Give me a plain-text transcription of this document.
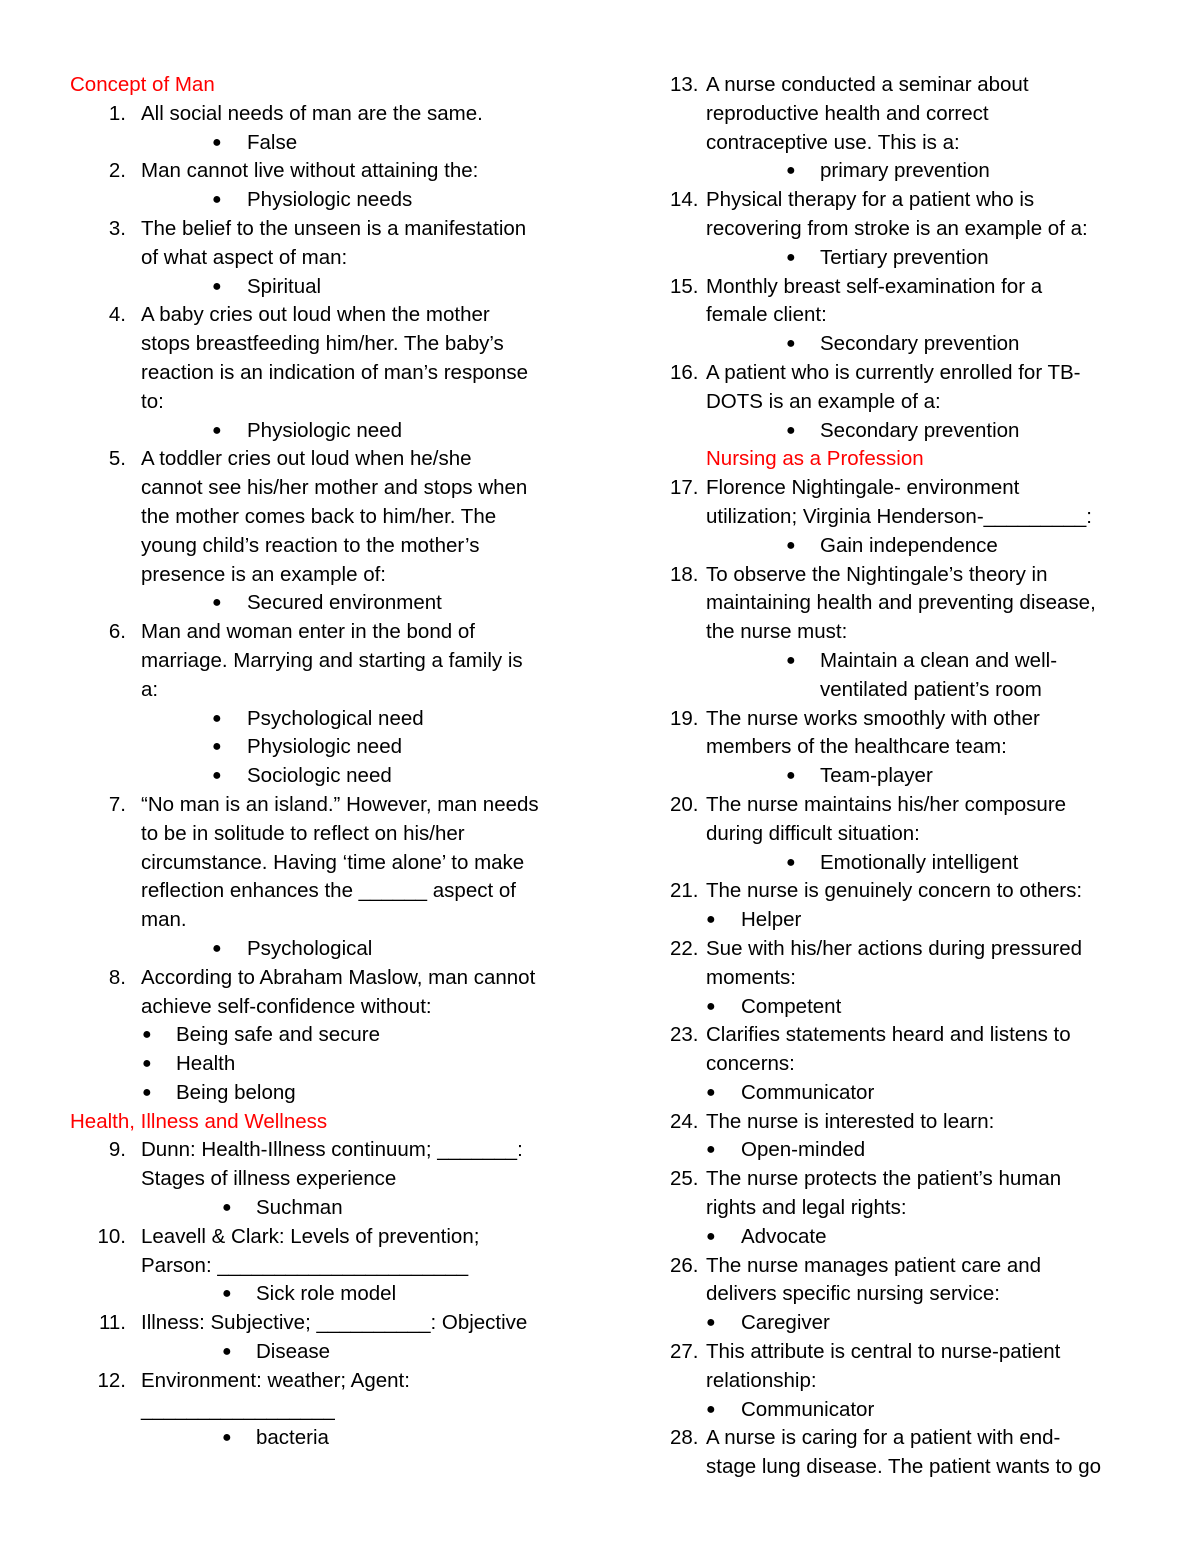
Concept of Man
1. All social needs of man are the same.
● False
2. Man cannot live without attaining the:
● Physiologic needs
3. The belief to the unseen is a manifestation
of what aspect of man:
● Spiritual
4. A baby cries out loud when the mother
stops breastfeeding him/her. The baby’s
reaction is an indication of man’s response
to:
● Physiologic need
5. A toddler cries out loud when he/she
cannot see his/her mother and stops when
the mother comes back to him/her. The
young child’s reaction to the mother’s
presence is an example of:
● Secured environment
6. Man and woman enter in the bond of
marriage. Marrying and starting a family is
a:
● Psychological need
● Physiologic need
● Sociologic need
7. “No man is an island.” However, man needs
to be in solitude to reflect on his/her
circumstance. Having ‘time alone’ to make
reflection enhances the ______ aspect of
man.
● Psychological
8. According to Abraham Maslow, man cannot
achieve self-confidence without:
● Being safe and secure
● Health
● Being belong
Health, Illness and Wellness
9. Dunn: Health-Illness continuum; _______:
Stages of illness experience
● Suchman
10. Leavell & Clark: Levels of prevention;
Parson: ______________________
● Sick role model
11. Illness: Subjective; __________: Objective
● Disease
12. Environment: weather; Agent:
_________________
● bacteria
13. A nurse conducted a seminar about
reproductive health and correct
contraceptive use. This is a:
● primary prevention
14. Physical therapy for a patient who is
recovering from stroke is an example of a:
● Tertiary prevention
15. Monthly breast self-examination for a
female client:
● Secondary prevention
16. A patient who is currently enrolled for TB-
DOTS is an example of a:
● Secondary prevention
Nursing as a Profession
17. Florence Nightingale- environment
utilization; Virginia Henderson-_________:
● Gain independence
18. To observe the Nightingale’s theory in
maintaining health and preventing disease,
the nurse must:
● Maintain a clean and well-
ventilated patient’s room
19. The nurse works smoothly with other
members of the healthcare team:
● Team-player
20. The nurse maintains his/her composure
during difficult situation:
● Emotionally intelligent
21. The nurse is genuinely concern to others:
● Helper
22. Sue with his/her actions during pressured
moments:
● Competent
23. Clarifies statements heard and listens to
concerns:
● Communicator
24. The nurse is interested to learn:
● Open-minded
25. The nurse protects the patient’s human
rights and legal rights:
● Advocate
26. The nurse manages patient care and
delivers specific nursing service:
● Caregiver
27. This attribute is central to nurse-patient
relationship:
● Communicator
28. A nurse is caring for a patient with end-
stage lung disease. The patient wants to go
